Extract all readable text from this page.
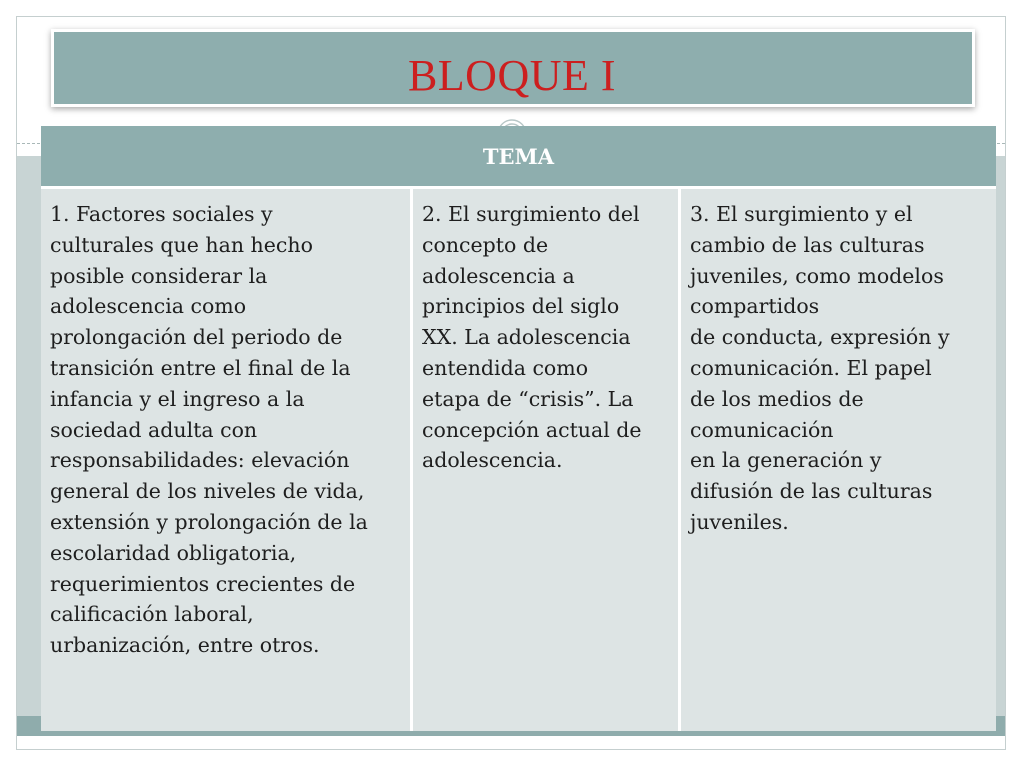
BLOQUE I
TEMA
1. Factores sociales y
culturales que han hecho
posible considerar la
adolescencia como
prolongación del periodo de
transición entre el final de la
infancia y el ingreso a la
sociedad adulta con
responsabilidades: elevación
general de los niveles de vida,
extensión y prolongación de la
escolaridad obligatoria,
requerimientos crecientes de
calificación laboral,
urbanización, entre otros.
2. El surgimiento del
concepto de
adolescencia a
principios del siglo
XX. La adolescencia
entendida como
etapa de “crisis”. La
concepción actual de
adolescencia.
3. El surgimiento y el
cambio de las culturas
juveniles, como modelos
compartidos
de conducta, expresión y
comunicación. El papel
de los medios de
comunicación
en la generación y
difusión de las culturas
juveniles.
